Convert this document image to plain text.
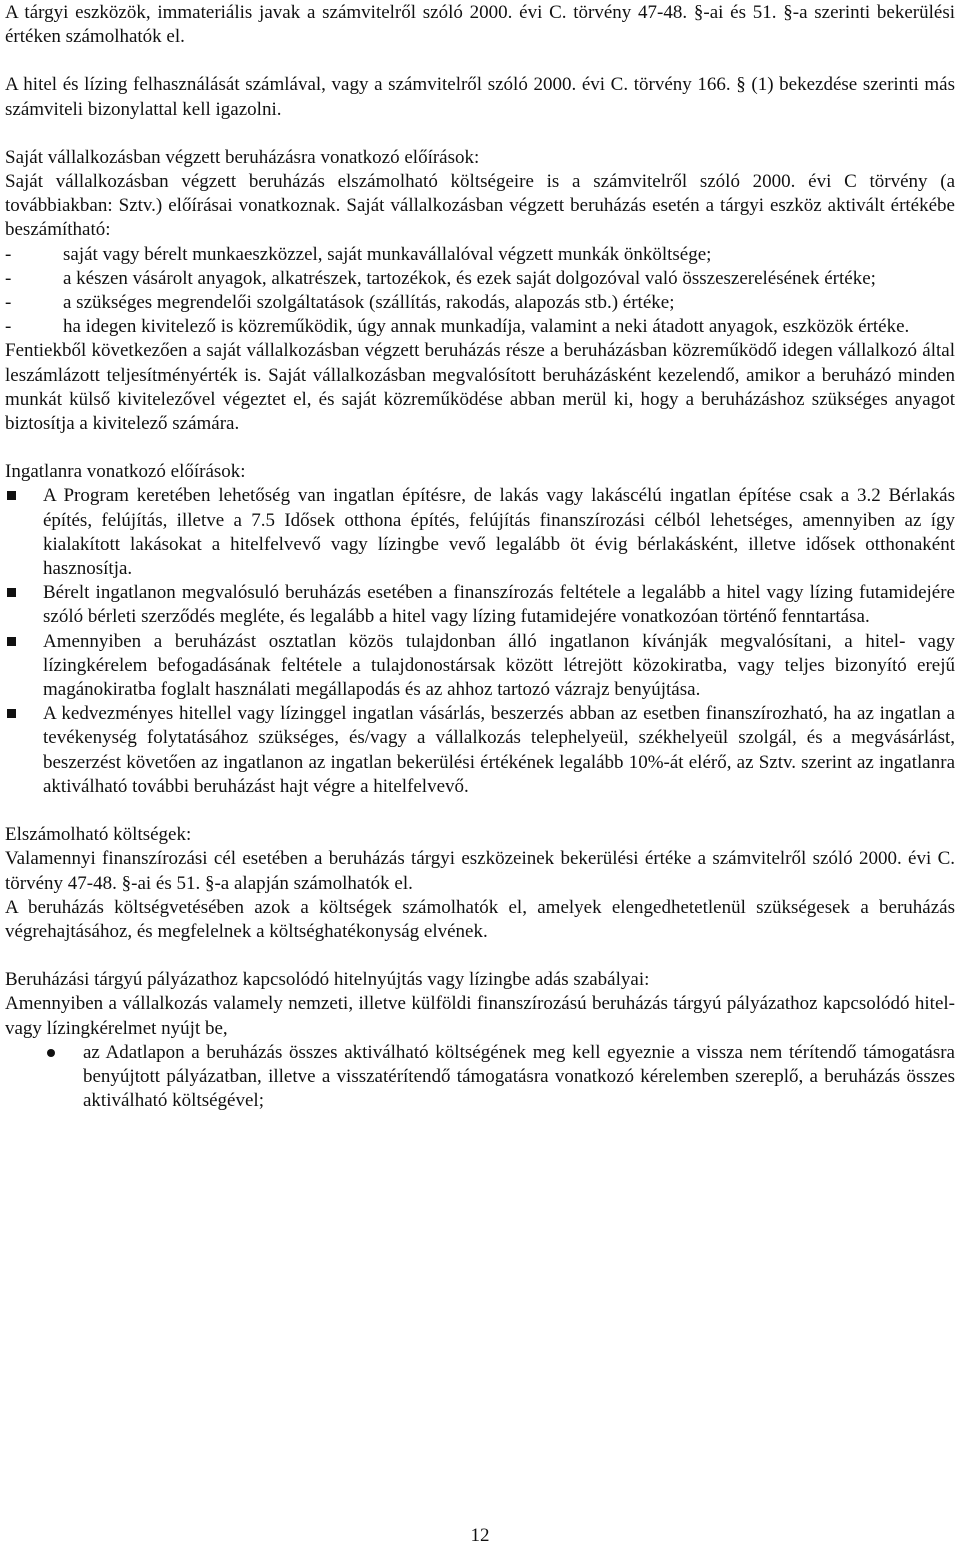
A tárgyi eszközök, immateriális javak a számvitelről szóló 2000. évi C. törvény 47-48. §-ai és 51. §-a szerinti bekerülési értéken számolhatók el.

A hitel és lízing felhasználását számlával, vagy a számvitelről szóló 2000. évi C. törvény 166. § (1) bekezdése szerinti más számviteli bizonylattal kell igazolni.

Saját vállalkozásban végzett beruházásra vonatkozó előírások:

Saját vállalkozásban végzett beruházás elszámolható költségeire is a számvitelről szóló 2000. évi C törvény (a továbbiakban: Sztv.) előírásai vonatkoznak. Saját vállalkozásban végzett beruházás esetén a tárgyi eszköz aktivált értékébe beszámítható:

-	saját vagy bérelt munkaeszközzel, saját munkavállalóval végzett munkák önköltsége;
-	a készen vásárolt anyagok, alkatrészek, tartozékok, és ezek saját dolgozóval való összeszerelésének értéke;
-	a szükséges megrendelői szolgáltatások (szállítás, rakodás, alapozás stb.) értéke;
-	ha idegen kivitelező is közreműködik, úgy annak munkadíja, valamint a neki átadott anyagok, eszközök értéke.

Fentiekből következően a saját vállalkozásban végzett beruházás része a beruházásban közreműködő idegen vállalkozó által leszámlázott teljesítményérték is. Saját vállalkozásban megvalósított beruházásként kezelendő, amikor a beruházó minden munkát külső kivitelezővel végeztet el, és saját közreműködése abban merül ki, hogy a beruházáshoz szükséges anyagot biztosítja a kivitelező számára.

Ingatlanra vonatkozó előírások:

A Program keretében lehetőség van ingatlan építésre, de lakás vagy lakáscélú ingatlan építése csak a 3.2 Bérlakás építés, felújítás, illetve a 7.5 Idősek otthona építés, felújítás finanszírozási célból lehetséges, amennyiben az így kialakított lakásokat a hitelfelvevő vagy lízingbe vevő legalább öt évig bérlakásként, illetve idősek otthonaként hasznosítja.
Bérelt ingatlanon megvalósuló beruházás esetében a finanszírozás feltétele a legalább a hitel vagy lízing futamidejére szóló bérleti szerződés megléte, és legalább a hitel vagy lízing futamidejére vonatkozóan történő fenntartása.
Amennyiben a beruházást osztatlan közös tulajdonban álló ingatlanon kívánják megvalósítani, a hitel- vagy lízingkérelem befogadásának feltétele a tulajdonostársak között létrejött közokiratba, vagy teljes bizonyító erejű magánokiratba foglalt használati megállapodás és az ahhoz tartozó vázrajz benyújtása.
A kedvezményes hitellel vagy lízinggel ingatlan vásárlás, beszerzés abban az esetben finanszírozható, ha az ingatlan a tevékenység folytatásához szükséges, és/vagy a vállalkozás telephelyeül, székhelyeül szolgál, és a megvásárlást, beszerzést követően az ingatlanon az ingatlan bekerülési értékének legalább 10%-át elérő, az Sztv. szerint az ingatlanra aktiválható további beruházást hajt végre a hitelfelvevő.

Elszámolható költségek:

Valamennyi finanszírozási cél esetében a beruházás tárgyi eszközeinek bekerülési értéke a számvitelről szóló 2000. évi C. törvény 47-48. §-ai és 51. §-a alapján számolhatók el.

A beruházás költségvetésében azok a költségek számolhatók el, amelyek elengedhetetlenül szükségesek a beruházás végrehajtásához, és megfelelnek a költséghatékonyság elvének.

Beruházási tárgyú pályázathoz kapcsolódó hitelnyújtás vagy lízingbe adás szabályai:

Amennyiben a vállalkozás valamely nemzeti, illetve külföldi finanszírozású beruházás tárgyú pályázathoz kapcsolódó hitel- vagy lízingkérelmet nyújt be,

az Adatlapon a beruházás összes aktiválható költségének meg kell egyeznie a vissza nem térítendő támogatásra benyújtott pályázatban, illetve a visszatérítendő támogatásra vonatkozó kérelemben szereplő, a beruházás összes aktiválható költségével;
12
